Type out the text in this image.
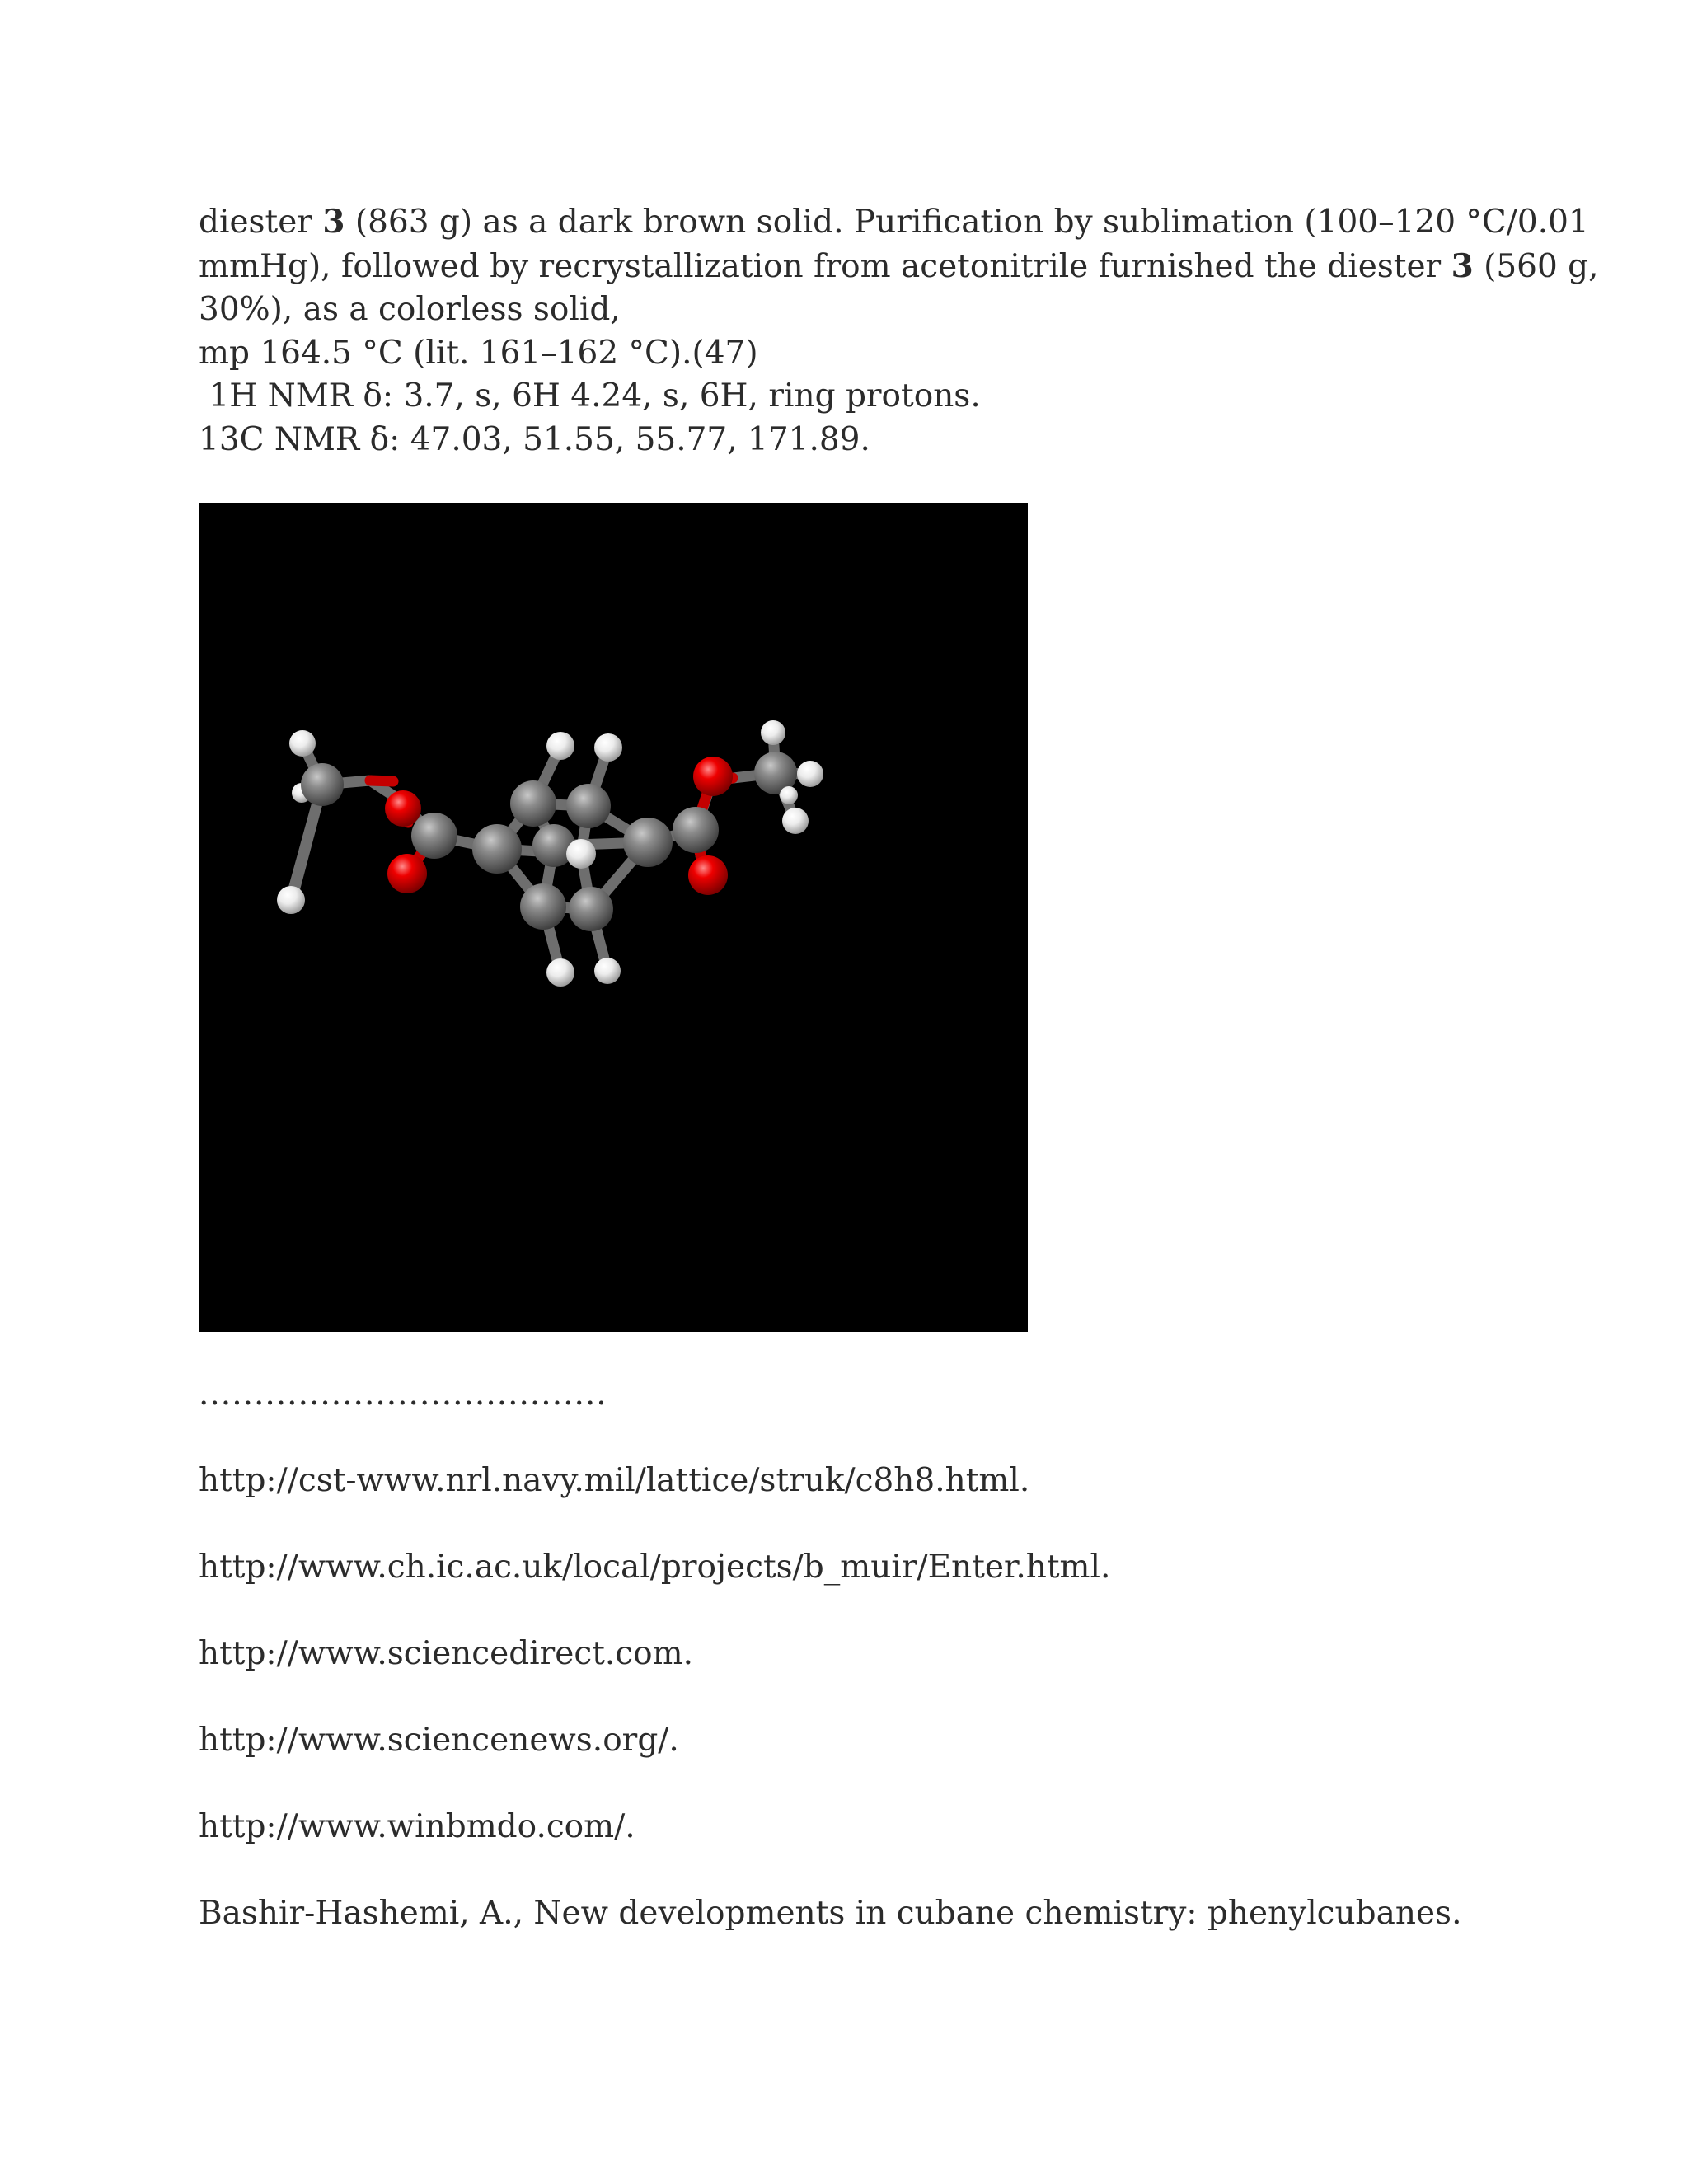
diester 3 (863 g) as a dark brown solid. Purification by sublimation (100–120 °C/0.01
mmHg), followed by recrystallization from acetonitrile furnished the diester 3 (560 g,
30%), as a colorless solid,
mp 164.5 °C (lit. 161–162 °C).(47)
1H NMR δ: 3.7, s, 6H 4.24, s, 6H, ring protons.
13C NMR δ: 47.03, 51.55, 55.77, 171.89.

.....................................
http://cst-www.nrl.navy.mil/lattice/struk/c8h8.html.
http://www.ch.ic.ac.uk/local/projects/b_muir/Enter.html.
http://www.sciencedirect.com.
http://www.sciencenews.org/.
http://www.winbmdo.com/.
Bashir-Hashemi, A., New developments in cubane chemistry: phenylcubanes.
